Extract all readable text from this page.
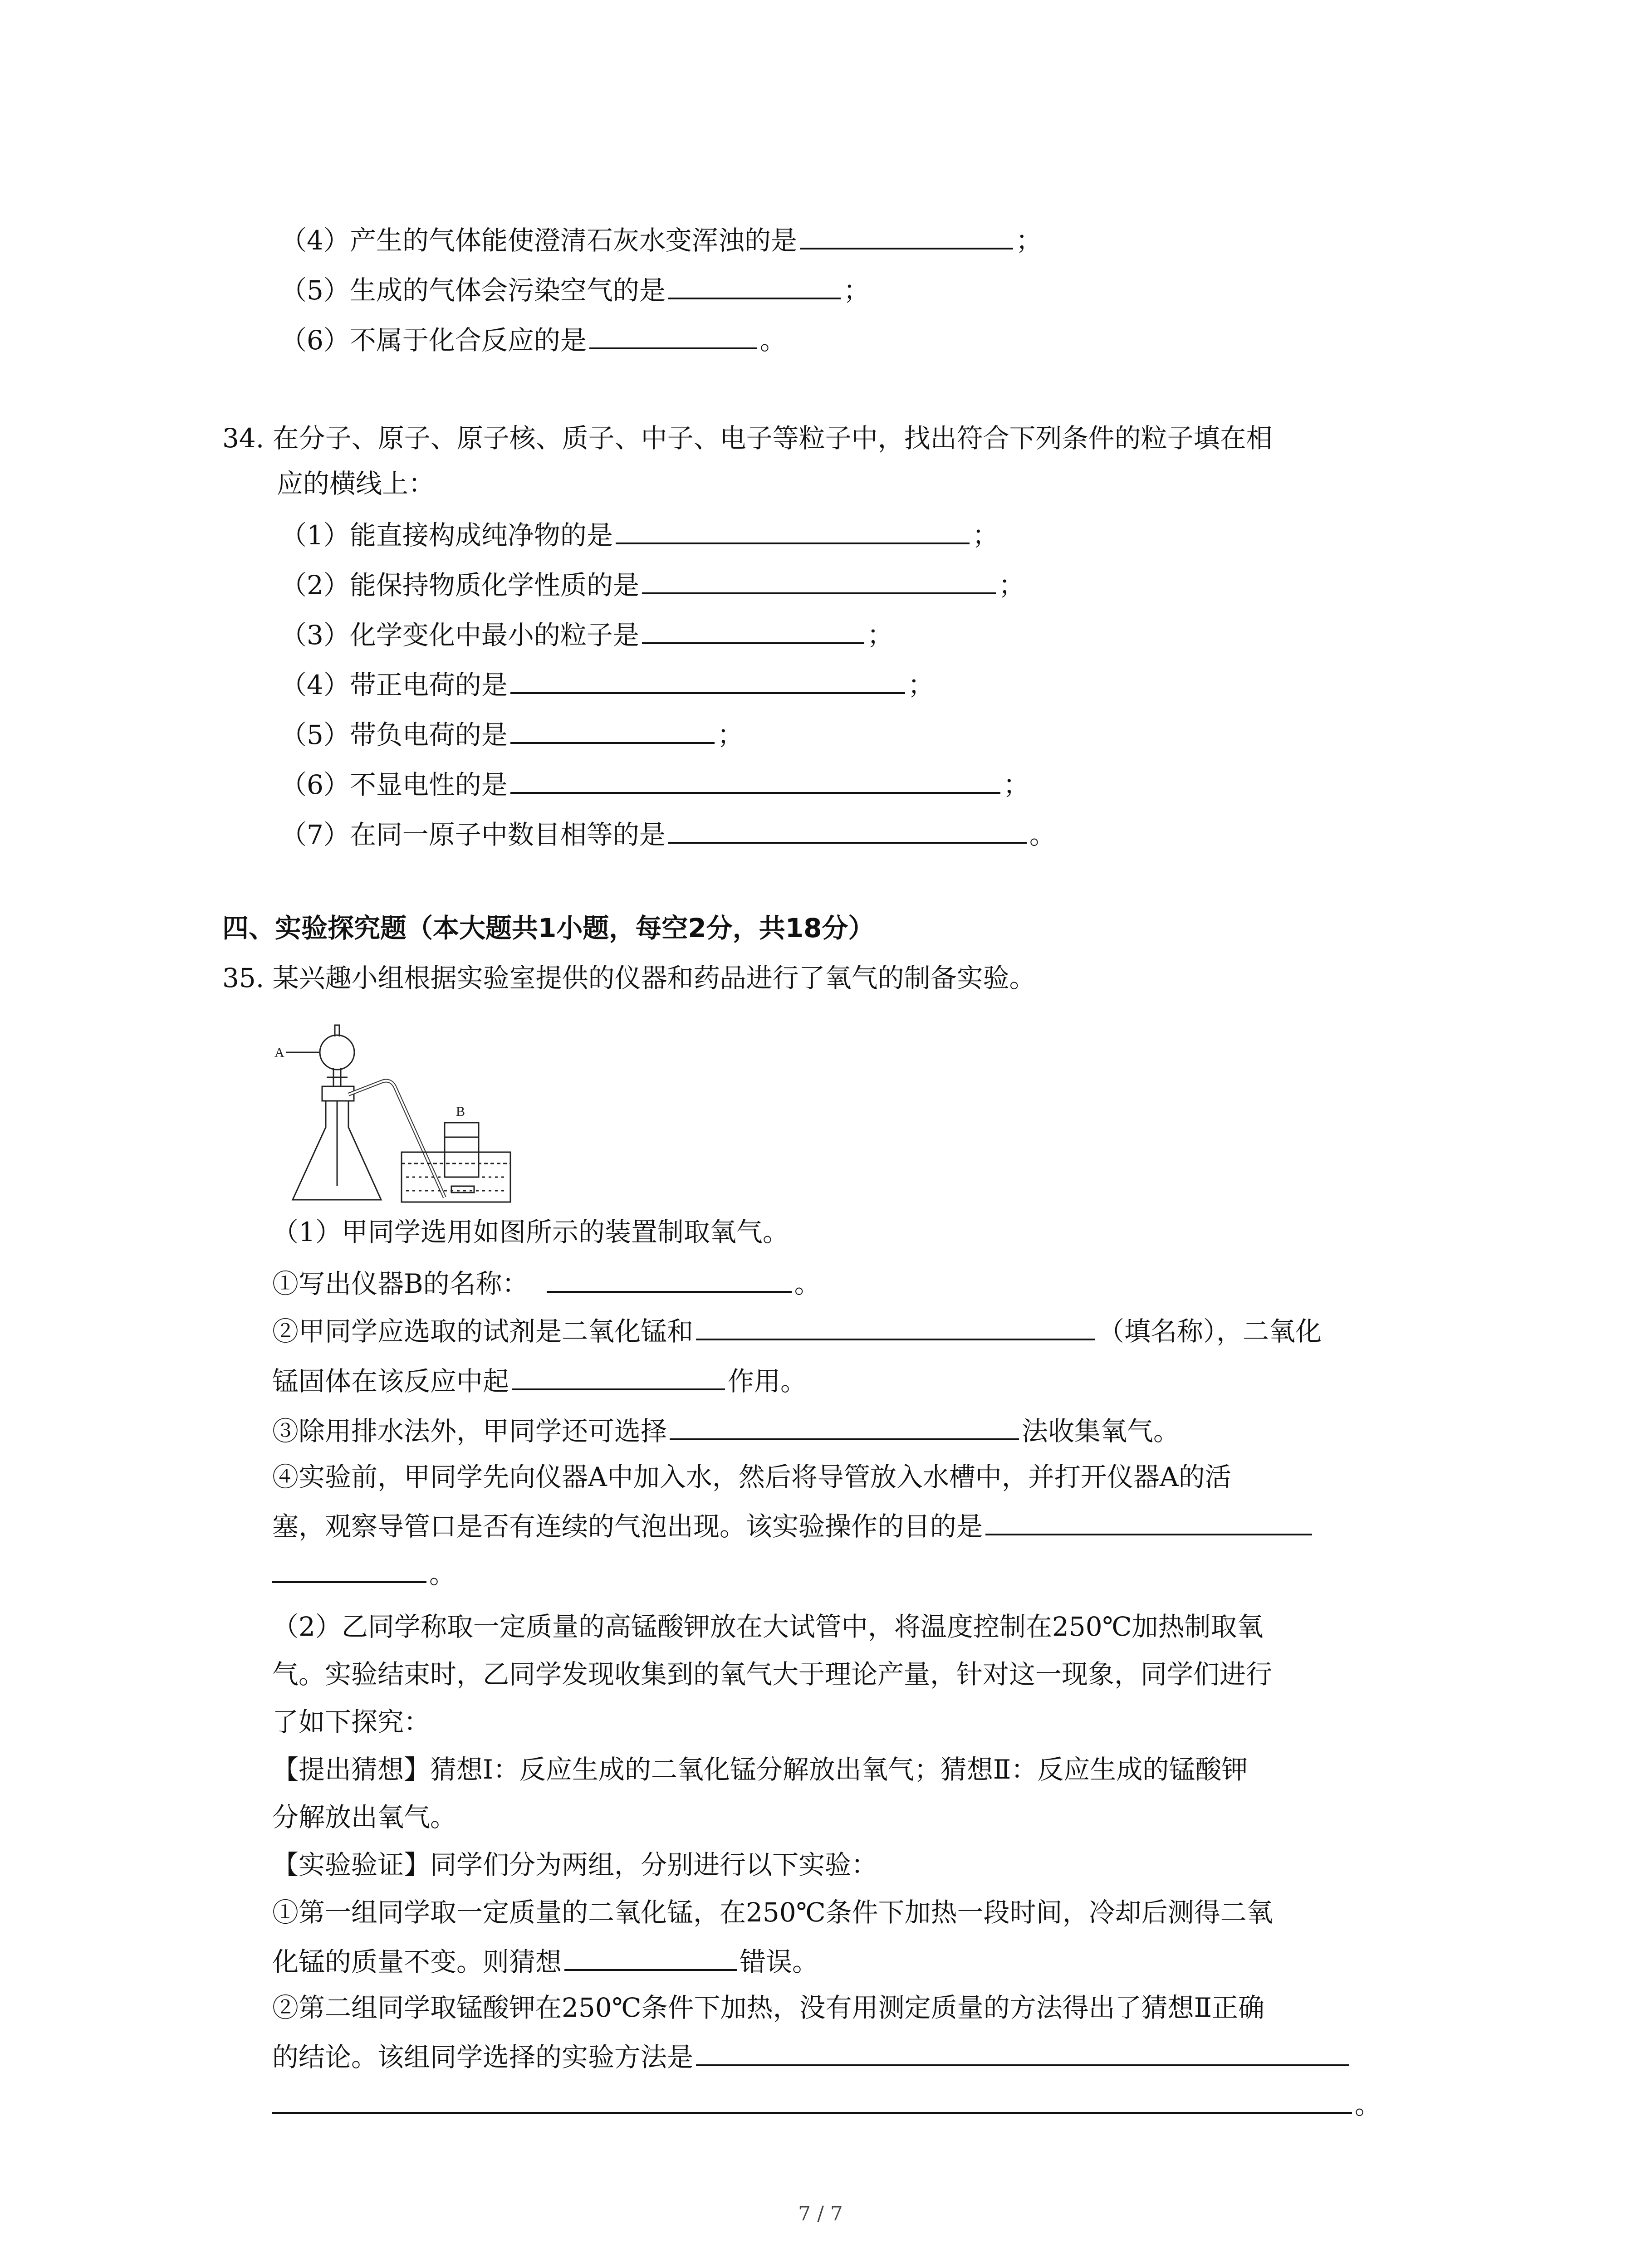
（4）产生的气体能使澄清石灰水变浑浊的是	；
（5）生成的气体会污染空气的是	；
（6）不属于化合反应的是	。
34. 在分子、原子、原子核、质子、中子、电子等粒子中，找出符合下列条件的粒子填在相
应的横线上：
（1）能直接构成纯净物的是	；
（2）能保持物质化学性质的是	；
（3）化学变化中最小的粒子是	；
（4）带正电荷的是	；
（5）带负电荷的是	；
（6）不显电性的是	；
（7）在同一原子中数目相等的是	。
四、实验探究题（本大题共1小题，每空2分，共18分）
35. 某兴趣小组根据实验室提供的仪器和药品进行了氧气的制备实验。
A
B
（1）甲同学选用如图所示的装置制取氧气。
①写出仪器B的名称：	。
②甲同学应选取的试剂是二氧化锰和	（填名称），二氧化
锰固体在该反应中起	作用。
③除用排水法外，甲同学还可选择	法收集氧气。
④实验前，甲同学先向仪器A中加入水，然后将导管放入水槽中，并打开仪器A的活
塞，观察导管口是否有连续的气泡出现。该实验操作的目的是
。
（2）乙同学称取一定质量的高锰酸钾放在大试管中，将温度控制在250℃加热制取氧
气。实验结束时，乙同学发现收集到的氧气大于理论产量，针对这一现象，同学们进行
了如下探究：
【提出猜想】猜想Ⅰ：反应生成的二氧化锰分解放出氧气；猜想Ⅱ：反应生成的锰酸钾
分解放出氧气。
【实验验证】同学们分为两组，分别进行以下实验：
①第一组同学取一定质量的二氧化锰，在250℃条件下加热一段时间，冷却后测得二氧
化锰的质量不变。则猜想	错误。
②第二组同学取锰酸钾在250℃条件下加热，没有用测定质量的方法得出了猜想Ⅱ正确
的结论。该组同学选择的实验方法是
。
7 / 7
